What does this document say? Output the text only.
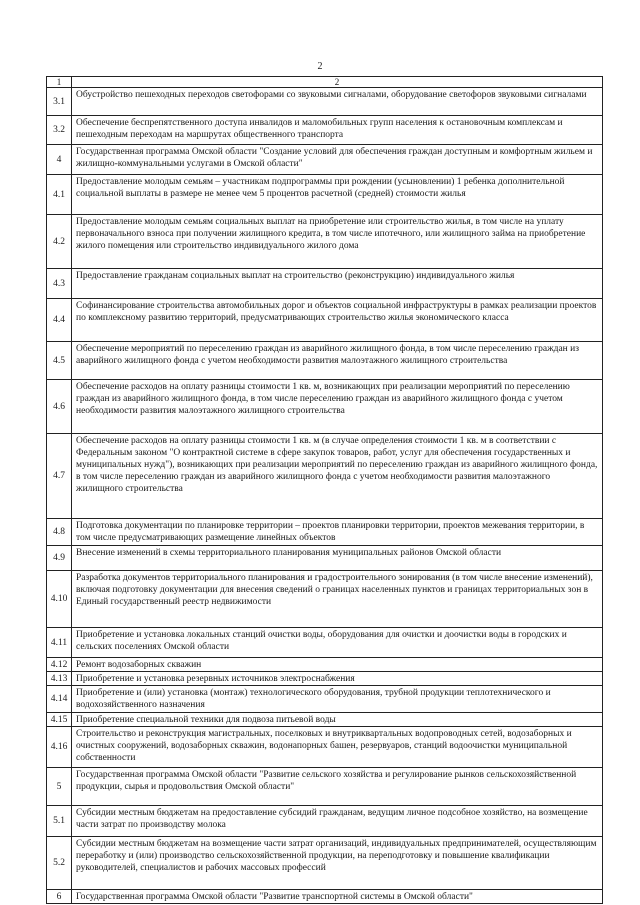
2
1	2
3.1	Обустройство пешеходных переходов светофорами со звуковыми сигналами, оборудование светофоров звуковыми сигналами
3.2	Обеспечение беспрепятственного доступа инвалидов и маломобильных групп населения к остановочным комплексам и пешеходным переходам на маршрутах общественного транспорта
4	Государственная программа Омской области "Создание условий для обеспечения граждан доступным и комфортным жильем и жилищно-коммунальными услугами в Омской области"
4.1	Предоставление молодым семьям – участникам подпрограммы при рождении (усыновлении) 1 ребенка дополнительной социальной выплаты в размере не менее чем 5 процентов расчетной (средней) стоимости жилья
4.2	Предоставление молодым семьям социальных выплат на приобретение или строительство жилья, в том числе на уплату первоначального взноса при получении жилищного кредита, в том числе ипотечного, или жилищного займа на приобретение жилого помещения или строительство индивидуального жилого дома
4.3	Предоставление гражданам социальных выплат на строительство (реконструкцию) индивидуального жилья
4.4	Софинансирование строительства автомобильных дорог и объектов социальной инфраструктуры в рамках реализации проектов по комплексному развитию территорий, предусматривающих строительство жилья экономического класса
4.5	Обеспечение мероприятий по переселению граждан из аварийного жилищного фонда, в том числе переселению граждан из аварийного жилищного фонда с учетом необходимости развития малоэтажного жилищного строительства
4.6	Обеспечение расходов на оплату разницы стоимости 1 кв. м, возникающих при реализации мероприятий по переселению граждан из аварийного жилищного фонда, в том числе переселению граждан из аварийного жилищного фонда с учетом необходимости развития малоэтажного жилищного строительства
4.7	Обеспечение расходов на оплату разницы стоимости 1 кв. м (в случае определения стоимости 1 кв. м в соответствии с Федеральным законом "О контрактной системе в сфере закупок товаров, работ, услуг для обеспечения государственных и муниципальных нужд"), возникающих при реализации мероприятий по переселению граждан из аварийного жилищного фонда, в том числе переселению граждан из аварийного жилищного фонда с учетом необходимости развития малоэтажного жилищного строительства
4.8	Подготовка документации по планировке территории – проектов планировки территории, проектов межевания территории, в том числе предусматривающих размещение линейных объектов
4.9	Внесение изменений в схемы территориального планирования муниципальных районов Омской области
4.10	Разработка документов территориального планирования и градостроительного зонирования (в том числе внесение изменений), включая подготовку документации для внесения сведений о границах населенных пунктов и границах территориальных зон в Единый государственный реестр недвижимости
4.11	Приобретение и установка локальных станций очистки воды, оборудования для очистки и доочистки воды в городских и сельских поселениях Омской области
4.12	Ремонт водозаборных скважин
4.13	Приобретение и установка резервных источников электроснабжения
4.14	Приобретение и (или) установка (монтаж) технологического оборудования, трубной продукции теплотехнического и водохозяйственного назначения
4.15	Приобретение специальной техники для подвоза питьевой воды
4.16	Строительство и реконструкция магистральных, поселковых и внутриквартальных водопроводных сетей, водозаборных и очистных сооружений, водозаборных скважин, водонапорных башен, резервуаров, станций водоочистки муниципальной собственности
5	Государственная программа Омской области "Развитие сельского хозяйства и регулирование рынков сельскохозяйственной продукции, сырья и продовольствия Омской области"
5.1	Субсидии местным бюджетам на предоставление субсидий гражданам, ведущим личное подсобное хозяйство, на возмещение части затрат по производству молока
5.2	Субсидии местным бюджетам на возмещение части затрат организаций, индивидуальных предпринимателей, осуществляющим переработку и (или) производство сельскохозяйственной продукции, на переподготовку и повышение квалификации руководителей, специалистов и рабочих массовых профессий
6	Государственная программа Омской области "Развитие транспортной системы в Омской области"
